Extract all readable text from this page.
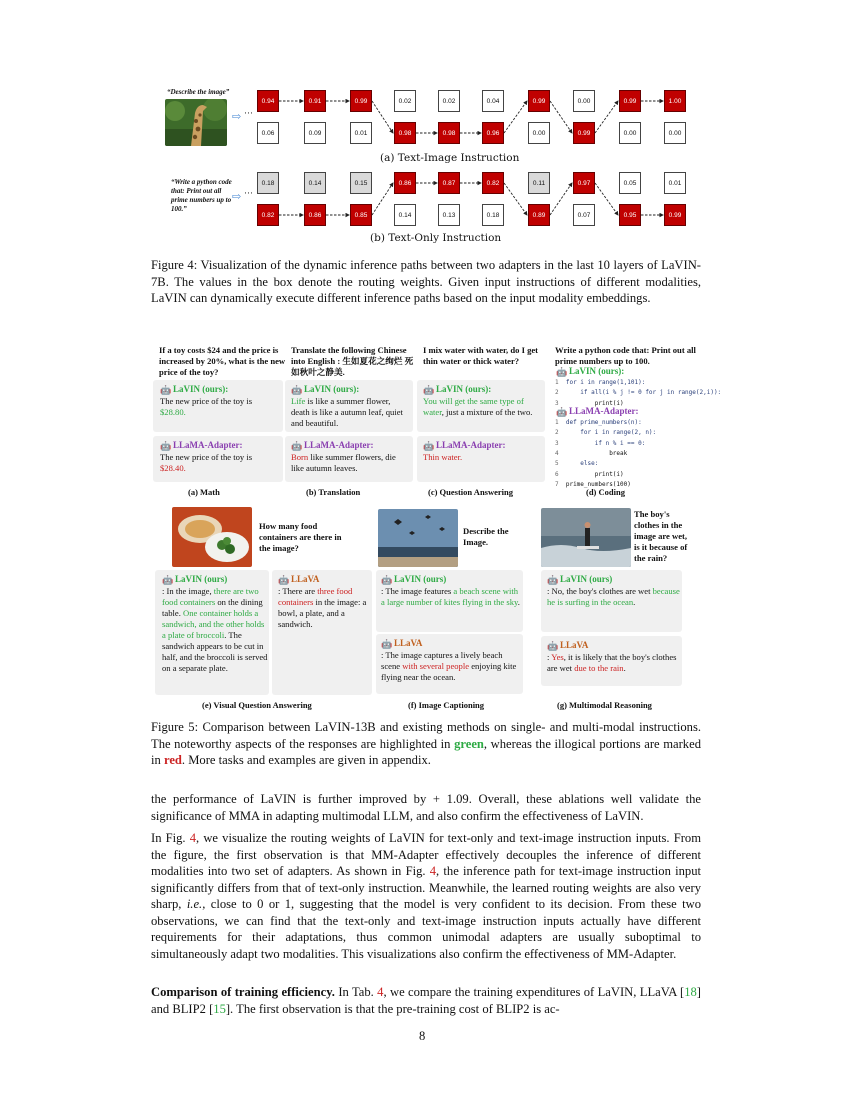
“Describe the image”
⇨ ···
0.94	0.91	0.99	0.02	0.02	0.04	0.99	0.00	0.99	1.00
0.06	0.09	0.01	0.98	0.98	0.96	0.00	0.99	0.00	0.00
(a) Text-Image Instruction
“Write a python code that: Print out all prime numbers up to 100.”
⇨ ···
0.18	0.14	0.15	0.86	0.87	0.82	0.11	0.97	0.05	0.01
0.82	0.86	0.85	0.14	0.13	0.18	0.89	0.07	0.95	0.99
(b) Text-Only Instruction
Figure 4: Visualization of the dynamic inference paths between two adapters in the last 10 layers of LaVIN-7B. The values in the box denote the routing weights. Given input instructions of different modalities, LaVIN can dynamically execute different inference paths based on the input modality embeddings.
If a toy costs $24 and the price is increased by 20%, what is the new price of the toy?
🤖 LaVIN (ours):
The new price of the toy is
$28.80.
🤖 LLaMA-Adapter:
The new price of the toy is
$28.40.
(a) Math
Translate the following Chinese into English : 生如夏花之绚烂 死如秋叶之静美.
🤖 LaVIN (ours):
Life is like a summer flower, death is like a autumn leaf, quiet and beautiful.
🤖 LLaMA-Adapter:
Born like summer flowers, die like autumn leaves.
(b) Translation
I mix water with water, do I get thin water or thick water?
🤖 LaVIN (ours):
You will get the same type of water, just a mixture of the two.
🤖 LLaMA-Adapter:
Thin water.
(c) Question Answering
Write a python code that: Print out all prime numbers up to 100.
🤖 LaVIN (ours):
1  for i in range(1,101):
2      if all(i % j != 0 for j in range(2,i)):
3          print(i)
🤖 LLaMA-Adapter:
1  def prime_numbers(n):
2      for i in range(2, n):
3          if n % i == 0:
4              break
5      else:
6          print(i)
7  prime_numbers(100)
(d) Coding
How many food containers are there in the image?
🤖 LaVIN (ours)
: In the image, there are two food containers on the dining table. One container holds a sandwich, and the other holds a plate of broccoli. The sandwich appears to be cut in half, and the broccoli is served on a separate plate.
🤖 LLaVA
: There are three food containers in the image: a bowl, a plate, and a sandwich.
(e) Visual Question Answering
Describe the Image.
🤖 LaVIN (ours)
: The image features a beach scene with a large number of kites flying in the sky.
🤖 LLaVA
: The image captures a lively beach scene with several people enjoying kite flying near the ocean.
(f) Image Captioning
The boy's clothes in the image are wet, is it because of the rain?
🤖 LaVIN (ours)
: No, the boy's clothes are wet because he is surfing in the ocean.
🤖 LLaVA
: Yes, it is likely that the boy's clothes are wet due to the rain.
(g) Multimodal Reasoning
Figure 5: Comparison between LaVIN-13B and existing methods on single- and multi-modal instructions. The noteworthy aspects of the responses are highlighted in green, whereas the illogical portions are marked in red. More tasks and examples are given in appendix.
the performance of LaVIN is further improved by + 1.09. Overall, these ablations well validate the significance of MMA in adapting multimodal LLM, and also confirm the effectiveness of LaVIN.
In Fig. 4, we visualize the routing weights of LaVIN for text-only and text-image instruction inputs. From the figure, the first observation is that MM-Adapter effectively decouples the inference of different modalities into two set of adapters. As shown in Fig. 4, the inference path for text-image instruction input significantly differs from that of text-only instruction. Meanwhile, the learned routing weights are also very sharp, i.e., close to 0 or 1, suggesting that the model is very confident to its decision. From these two observations, we can find that the text-only and text-image instruction inputs actually have different requirements for their adaptations, thus common unimodal adapters are usually suboptimal to simultaneously adapt two modalities. This visualizations also confirm the effectiveness of MM-Adapter.
Comparison of training efficiency. In Tab. 4, we compare the training expenditures of LaVIN, LLaVA [18] and BLIP2 [15]. The first observation is that the pre-training cost of BLIP2 is ac-
8
